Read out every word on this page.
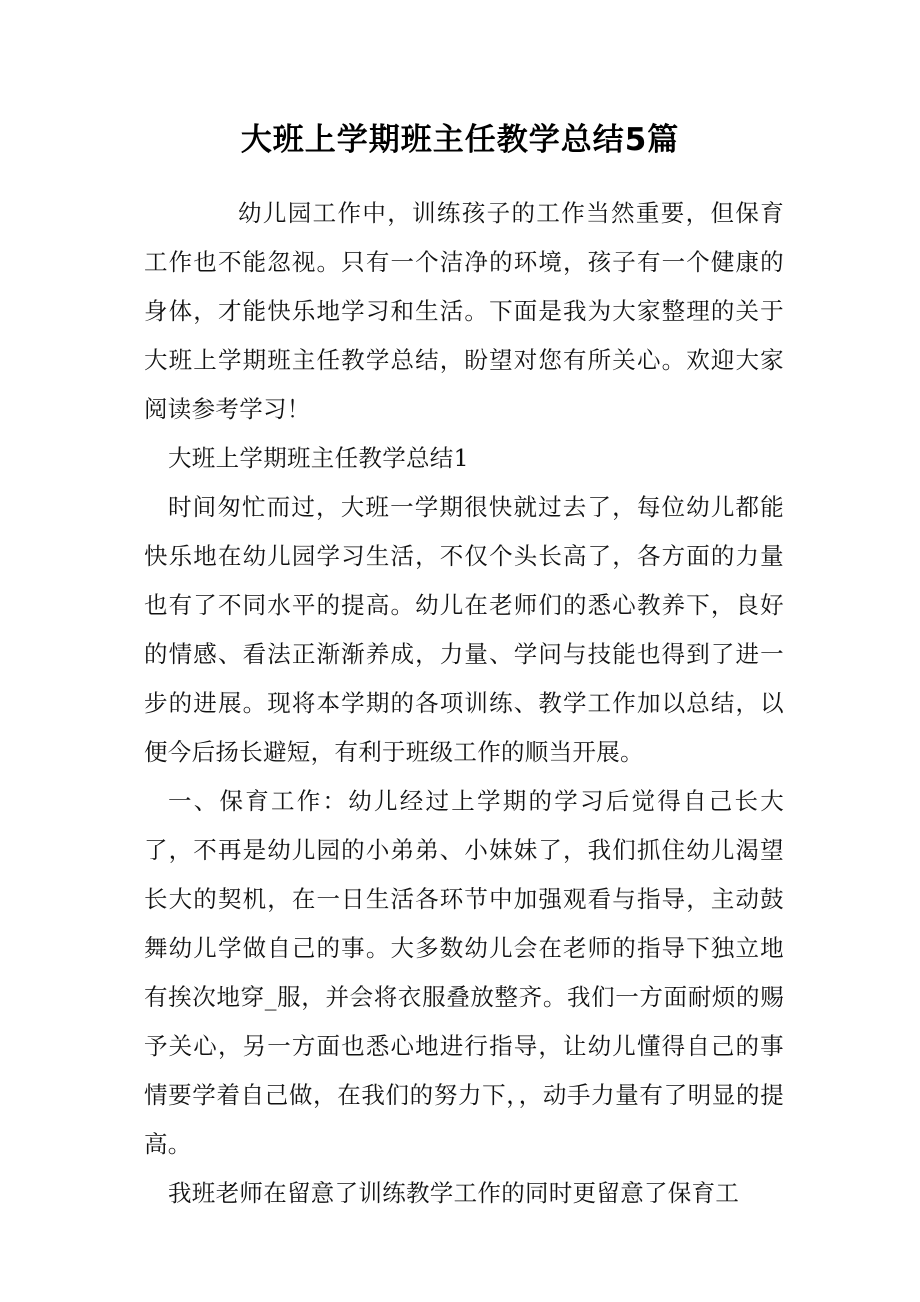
大班上学期班主任教学总结5篇

幼儿园工作中，训练孩子的工作当然重要，但保育工作也不能忽视。只有一个洁净的环境，孩子有一个健康的身体，才能快乐地学习和生活。下面是我为大家整理的关于大班上学期班主任教学总结，盼望对您有所关心。欢迎大家阅读参考学习！

大班上学期班主任教学总结1

时间匆忙而过，大班一学期很快就过去了，每位幼儿都能快乐地在幼儿园学习生活，不仅个头长高了，各方面的力量也有了不同水平的提高。幼儿在老师们的悉心教养下，良好的情感、看法正渐渐养成，力量、学问与技能也得到了进一步的进展。现将本学期的各项训练、教学工作加以总结，以便今后扬长避短，有利于班级工作的顺当开展。

一、保育工作：幼儿经过上学期的学习后觉得自己长大了，不再是幼儿园的小弟弟、小妹妹了，我们抓住幼儿渴望长大的契机，在一日生活各环节中加强观看与指导，主动鼓舞幼儿学做自己的事。大多数幼儿会在老师的指导下独立地有挨次地穿_服，并会将衣服叠放整齐。我们一方面耐烦的赐予关心，另一方面也悉心地进行指导，让幼儿懂得自己的事情要学着自己做，在我们的努力下，，动手力量有了明显的提高。

我班老师在留意了训练教学工作的同时更留意了保育工
